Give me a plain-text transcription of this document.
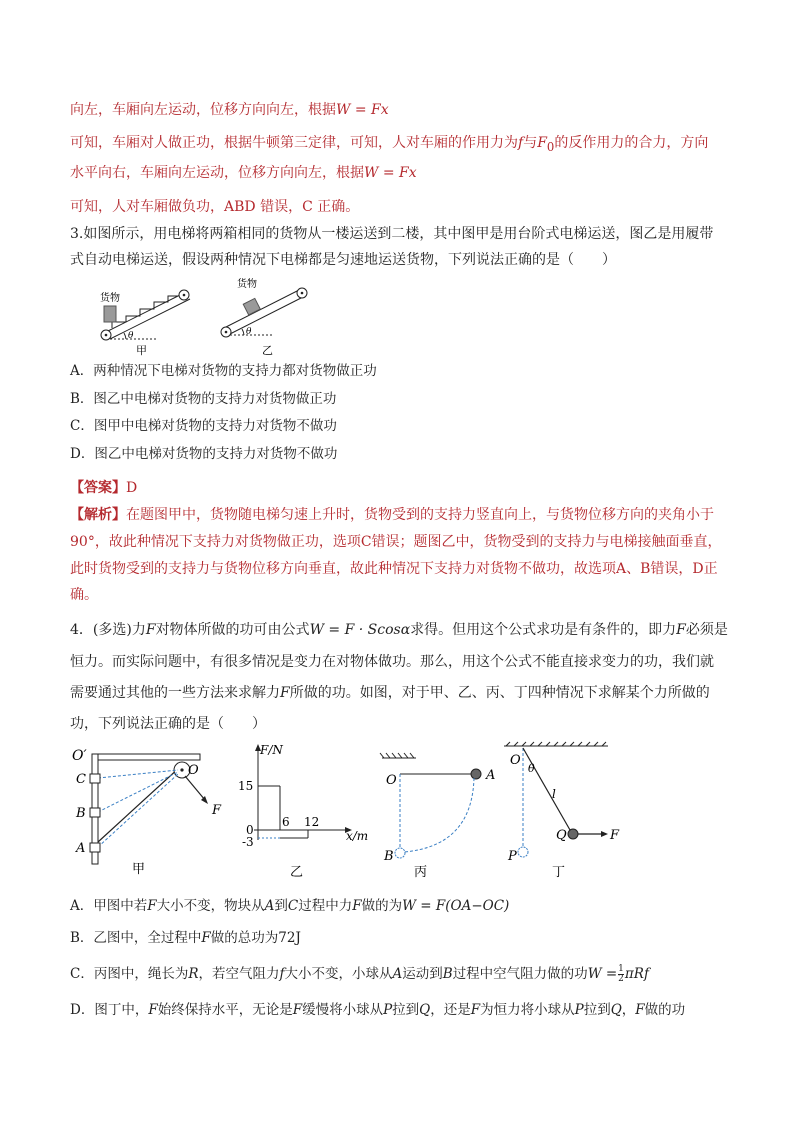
向左，车厢向左运动，位移方向向左，根据W = Fx
可知，车厢对人做正功，根据牛顿第三定律，可知，人对车厢的作用力为f与$F_0$的反作用力的合力，方向
水平向右，车厢向左运动，位移方向向左，根据W = Fx
可知，人对车厢做负功，ABD 错误，C 正确。
3.如图所示，用电梯将两箱相同的货物从一楼运送到二楼，其中图甲是用台阶式电梯运送，图乙是用履带
式自动电梯运送，假设两种情况下电梯都是匀速地运送货物，下列说法正确的是（　　）
货物
θ
甲
货物
θ
乙
A．两种情况下电梯对货物的支持力都对货物做正功
B．图乙中电梯对货物的支持力对货物做正功
C．图甲中电梯对货物的支持力对货物不做功
D．图乙中电梯对货物的支持力对货物不做功
【答案】D
【解析】在题图甲中，货物随电梯匀速上升时，货物受到的支持力竖直向上，与货物位移方向的夹角小于
90°，故此种情况下支持力对货物做正功，选项C错误；题图乙中，货物受到的支持力与电梯接触面垂直，
此时货物受到的支持力与货物位移方向垂直，故此种情况下支持力对货物不做功，故选项A、B错误，D正
确。
4．(多选)力F对物体所做的功可由公式W = F · Scosα求得。但用这个公式求功是有条件的，即力F必须是
恒力。而实际问题中，有很多情况是变力在对物体做功。那么，用这个公式不能直接求变力的功，我们就
需要通过其他的一些方法来求解力F所做的功。如图，对于甲、乙、丙、丁四种情况下求解某个力所做的
功，下列说法正确的是（　　）
O′
O
C
B
A
F
甲
F/N
x/m
15
0
-3
6 12
乙
A
O
B
丙
O
θ
l
F
Q
P
丁
A．甲图中若F大小不变，物块从A到C过程中力F做的为W = F(OA−OC)
B．乙图中，全过程中F做的总功为72J
C．丙图中，绳长为R，若空气阻力f大小不变，小球从A运动到B过程中空气阻力做的功$W = \frac{1}{2}$ πRf
D．图丁中，F始终保持水平，无论是F缓慢将小球从P拉到Q，还是F为恒力将小球从P拉到Q，F做的功
